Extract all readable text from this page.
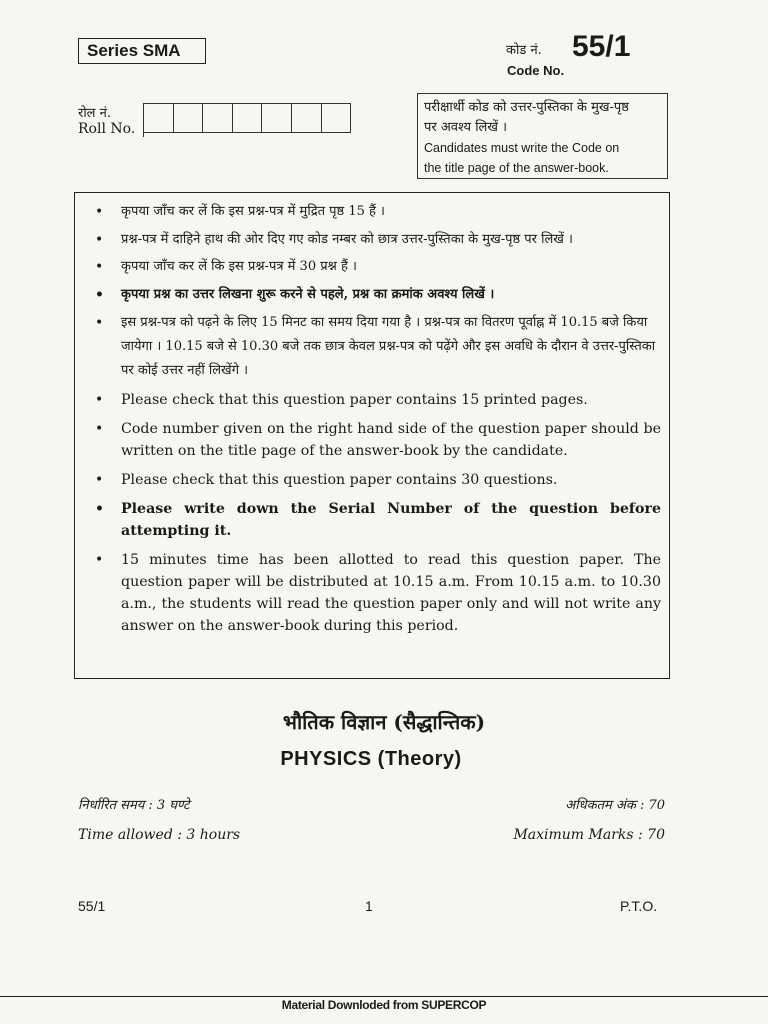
Series SMA	कोड नं. 55/1
Code No.
रोल नं.
Roll No.
परीक्षार्थी कोड को उत्तर-पुस्तिका के मुख-पृष्ठ
पर अवश्य लिखें ।
Candidates must write the Code on
the title page of the answer-book.
• कृपया जाँच कर लें कि इस प्रश्न-पत्र में मुद्रित पृष्ठ 15 हैं ।
• प्रश्न-पत्र में दाहिने हाथ की ओर दिए गए कोड नम्बर को छात्र उत्तर-पुस्तिका के मुख-पृष्ठ पर लिखें ।
• कृपया जाँच कर लें कि इस प्रश्न-पत्र में 30 प्रश्न हैं ।
• कृपया प्रश्न का उत्तर लिखना शुरू करने से पहले, प्रश्न का क्रमांक अवश्य लिखें ।
• इस प्रश्न-पत्र को पढ़ने के लिए 15 मिनट का समय दिया गया है । प्रश्न-पत्र का वितरण पूर्वाह्न में 10.15 बजे किया जायेगा । 10.15 बजे से 10.30 बजे तक छात्र केवल प्रश्न-पत्र को पढ़ेंगे और इस अवधि के दौरान वे उत्तर-पुस्तिका पर कोई उत्तर नहीं लिखेंगे ।
• Please check that this question paper contains 15 printed pages.
• Code number given on the right hand side of the question paper should be written on the title page of the answer-book by the candidate.
• Please check that this question paper contains 30 questions.
• Please write down the Serial Number of the question before attempting it.
• 15 minutes time has been allotted to read this question paper. The question paper will be distributed at 10.15 a.m. From 10.15 a.m. to 10.30 a.m., the students will read the question paper only and will not write any answer on the answer-book during this period.
भौतिक विज्ञान (सैद्धान्तिक)
PHYSICS (Theory)
निर्धारित समय : 3 घण्टे	अधिकतम अंक : 70
Time allowed : 3 hours	Maximum Marks : 70
55/1	1	P.T.O.
Material Downloded from SUPERCOP
